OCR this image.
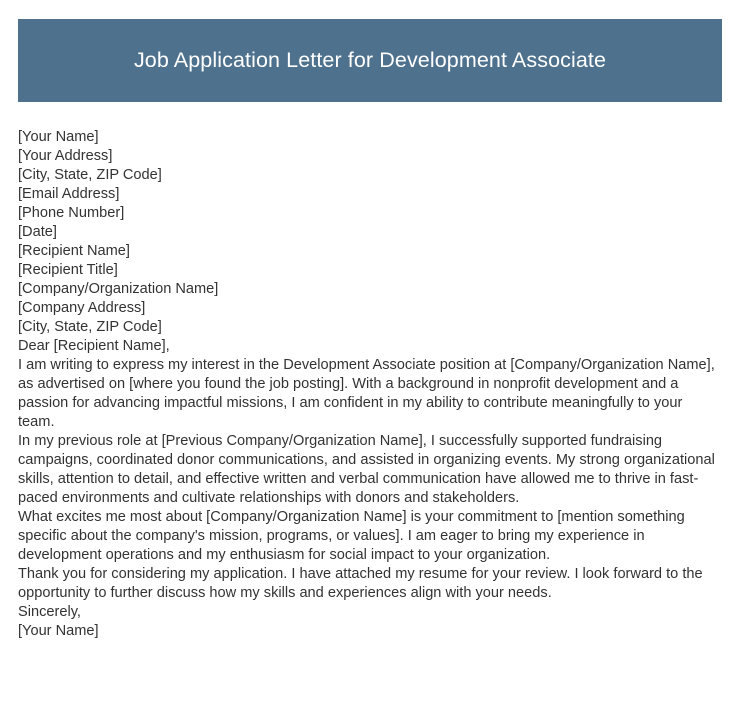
Job Application Letter for Development Associate
[Your Name]
[Your Address]
[City, State, ZIP Code]
[Email Address]
[Phone Number]
[Date]
[Recipient Name]
[Recipient Title]
[Company/Organization Name]
[Company Address]
[City, State, ZIP Code]
Dear [Recipient Name],
I am writing to express my interest in the Development Associate position at [Company/Organization Name], as advertised on [where you found the job posting]. With a background in nonprofit development and a passion for advancing impactful missions, I am confident in my ability to contribute meaningfully to your team.
In my previous role at [Previous Company/Organization Name], I successfully supported fundraising campaigns, coordinated donor communications, and assisted in organizing events. My strong organizational skills, attention to detail, and effective written and verbal communication have allowed me to thrive in fast-paced environments and cultivate relationships with donors and stakeholders.
What excites me most about [Company/Organization Name] is your commitment to [mention something specific about the company's mission, programs, or values]. I am eager to bring my experience in development operations and my enthusiasm for social impact to your organization.
Thank you for considering my application. I have attached my resume for your review. I look forward to the opportunity to further discuss how my skills and experiences align with your needs.
Sincerely,
[Your Name]
